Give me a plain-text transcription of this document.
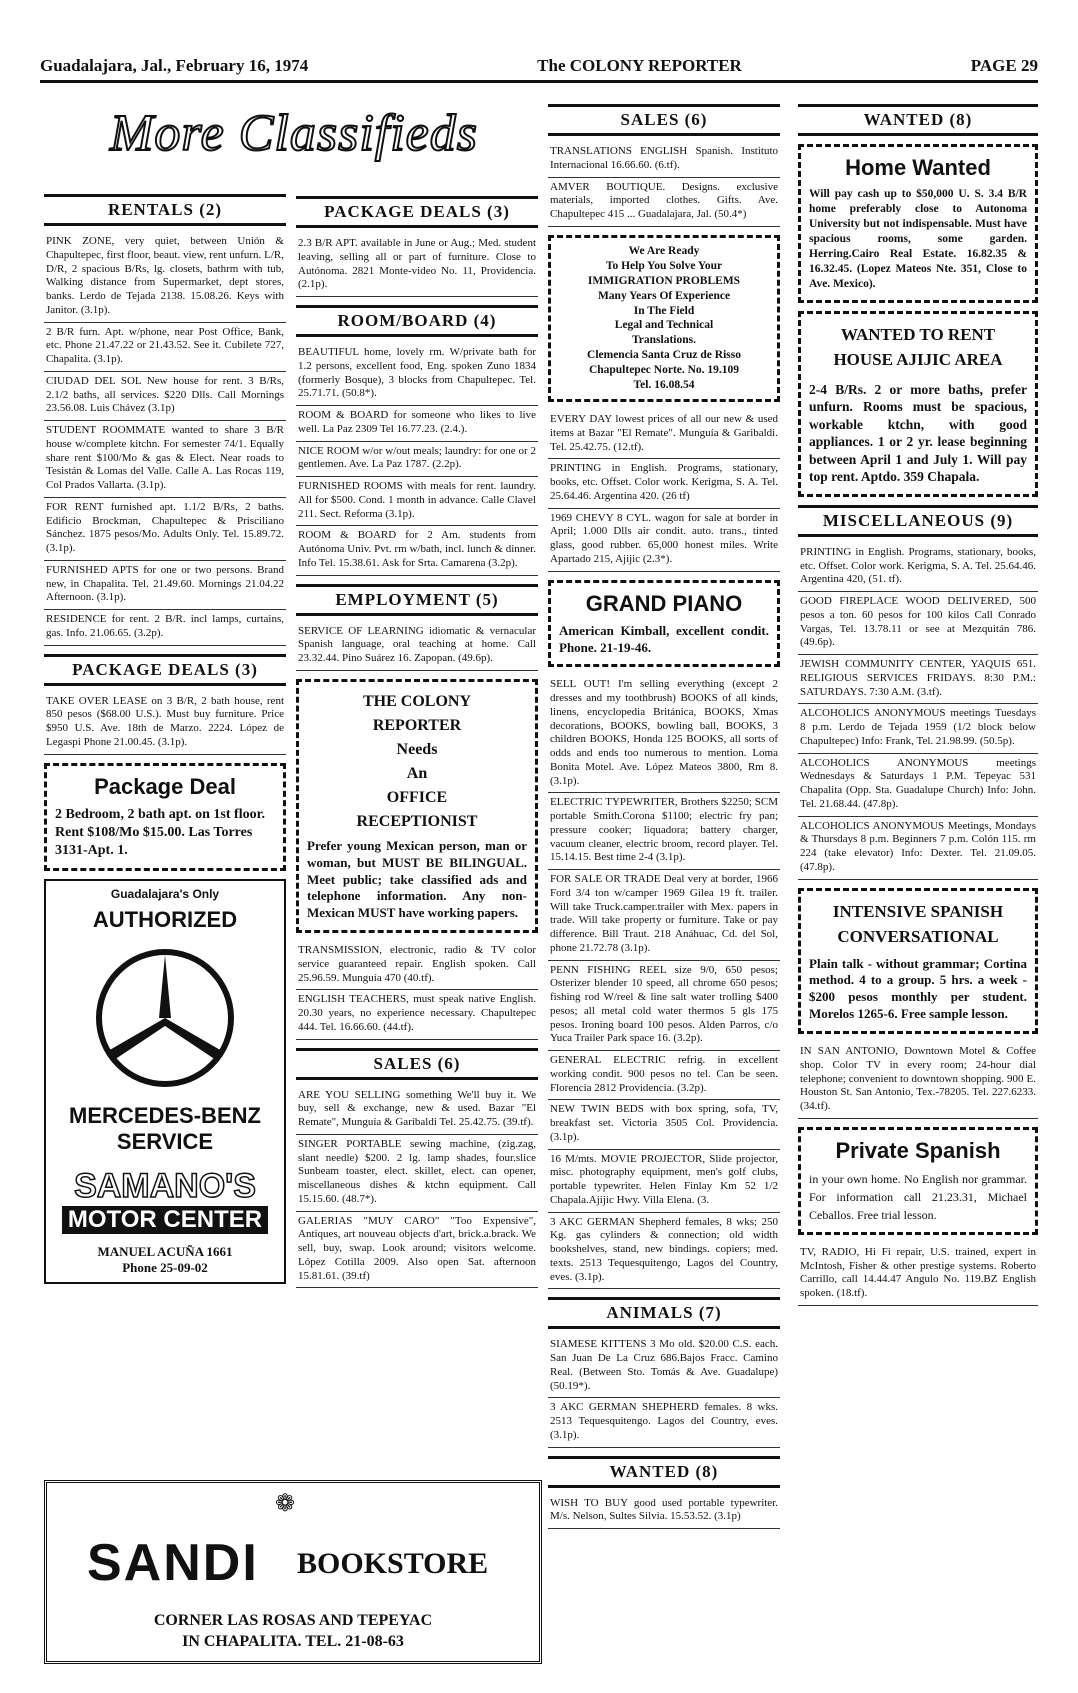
Guadalajara, Jal., February 16, 1974	The COLONY REPORTER	PAGE 29
More Classifieds
RENTALS (2)

PINK ZONE, very quiet, between Unión & Chapultepec, first floor, beaut. view, rent unfurn. L/R, D/R, 2 spacious B/Rs, lg. closets, bathrm with tub, Walking distance from Supermarket, dept stores, banks. Lerdo de Tejada 2138. 15.08.26. Keys with Janitor. (3.1p).

2 B/R furn. Apt. w/phone, near Post Office, Bank, etc. Phone 21.47.22 or 21.43.52. See it. Cubilete 727, Chapalita. (3.1p).

CIUDAD DEL SOL New house for rent. 3 B/Rs, 2.1/2 baths, all services. $220 Dlls. Call Mornings 23.56.08. Luis Chávez (3.1p)

STUDENT ROOMMATE wanted to share 3 B/R house w/complete kitchn. For semester 74/1. Equally share rent $100/Mo & gas & Elect. Near roads to Tesistán & Lomas del Valle. Calle A. Las Rocas 119, Col Prados Vallarta. (3.1p).

FOR RENT furnished apt. 1.1/2 B/Rs, 2 baths. Edificio Brockman, Chapultepec & Prisciliano Sánchez. 1875 pesos/Mo. Adults Only. Tel. 15.89.72. (3.1p).

FURNISHED APTS for one or two persons. Brand new, in Chapalita. Tel. 21.49.60. Mornings 21.04.22 Afternoon. (3.1p).

RESIDENCE for rent. 2 B/R. incl lamps, curtains, gas. Info. 21.06.65. (3.2p).

PACKAGE DEALS (3)

TAKE OVER LEASE on 3 B/R, 2 bath house, rent 850 pesos ($68.00 U.S.). Must buy furniture. Price $950 U.S. Ave. 18th de Marzo. 2224. López de Legaspi Phone 21.00.45. (3.1p).

Package Deal
2 Bedroom, 2 bath apt. on 1st floor. Rent $108/Mo $15.00. Las Torres 3131-Apt. 1.
Guadalajara's Only
AUTHORIZED
MERCEDES-BENZ
SERVICE
SAMANO'S
MOTOR CENTER
MANUEL ACUÑA 1661
Phone 25-09-02
PACKAGE DEALS (3)

2.3 B/R APT. available in June or Aug.; Med. student leaving, selling all or part of furniture. Close to Autónoma. 2821 Monte-video No. 11, Providencia. (2.1p).

ROOM/BOARD (4)

BEAUTIFUL home, lovely rm. W/private bath for 1.2 persons, excellent food, Eng. spoken Zuno 1834 (formerly Bosque), 3 blocks from Chapultepec. Tel. 25.71.71. (50.8*).

ROOM & BOARD for someone who likes to live well. La Paz 2309 Tel 16.77.23. (2.4.).

NICE ROOM w/or w/out meals; laundry: for one or 2 gentlemen. Ave. La Paz 1787. (2.2p).

FURNISHED ROOMS with meals for rent. laundry. All for $500. Cond. 1 month in advance. Calle Clavel 211. Sect. Reforma (3.1p).

ROOM & BOARD for 2 Am. students from Autónoma Univ. Pvt. rm w/bath, incl. lunch & dinner. Info Tel. 15.38.61. Ask for Srta. Camarena (3.2p).

EMPLOYMENT (5)

SERVICE OF LEARNING idiomatic & vernacular Spanish language, oral teaching at home. Call 23.32.44. Pino Suárez 16. Zapopan. (49.6p).

THE COLONY
REPORTER
Needs
An
OFFICE
RECEPTIONIST
Prefer young Mexican person, man or woman, but MUST BE BILINGUAL. Meet public; take classified ads and telephone information. Any non-Mexican MUST have working papers.

TRANSMISSION, electronic, radio & TV color service guaranteed repair. English spoken. Call 25.96.59. Munguía 470 (40.tf).

ENGLISH TEACHERS, must speak native English. 20.30 years, no experience necessary. Chapultepec 444. Tel. 16.66.60. (44.tf).

SALES (6)

ARE YOU SELLING something We'll buy it. We buy, sell & exchange, new & used. Bazar "El Remate", Munguía & Garibaldi Tel. 25.42.75. (39.tf).

SINGER PORTABLE sewing machine, (zig.zag, slant needle) $200. 2 lg. lamp shades, four.slice Sunbeam toaster, elect. skillet, elect. can opener, miscellaneous dishes & ktchn equipment. Call 15.15.60. (48.7*).

GALERIAS "MUY CARO" "Too Expensive", Antiques, art nouveau objects d'art, brick.a.brack. We sell, buy, swap. Look around; visitors welcome. López Cotilla 2009. Also open Sat. afternoon 15.81.61. (39.tf)

SALES (6)

TRANSLATIONS ENGLISH Spanish. Instituto Internacional 16.66.60. (6.tf).

AMVER BOUTIQUE. Designs. exclusive materials, imported clothes. Gifts. Ave. Chapultepec 415 ... Guadalajara, Jal. (50.4*)

We Are Ready
To Help You Solve Your
IMMIGRATION PROBLEMS
Many Years Of Experience
In The Field
Legal and Technical
Translations.
Clemencia Santa Cruz de Risso
Chapultepec Norte. No. 19.109
Tel. 16.08.54

EVERY DAY lowest prices of all our new & used items at Bazar "El Remate". Munguía & Garibaldi. Tel. 25.42.75. (12.tf).

PRINTING in English. Programs, stationary, books, etc. Offset. Color work. Kerigma, S. A. Tel. 25.64.46. Argentina 420. (26 tf)

1969 CHEVY 8 CYL. wagon for sale at border in April; 1.000 Dlls air condit. auto. trans., tinted glass, good rubber. 65,000 honest miles. Write Apartado 215, Ajijic (2.3*).

GRAND PIANO
American Kimball, excellent condit. Phone. 21-19-46.

SELL OUT! I'm selling everything (except 2 dresses and my toothbrush) BOOKS of all kinds, linens, encyclopedia Británica, BOOKS, Xmas decorations, BOOKS, bowling ball, BOOKS, 3 children BOOKS, Honda 125 BOOKS, all sorts of odds and ends too numerous to mention. Loma Bonita Motel. Ave. López Mateos 3800, Rm 8. (3.1p).

ELECTRIC TYPEWRITER, Brothers $2250; SCM portable Smith.Corona $1100; electric fry pan; pressure cooker; liquadora; battery charger, vacuum cleaner, electric broom, record player. Tel. 15.14.15. Best time 2-4 (3.1p).

FOR SALE OR TRADE Deal very at border, 1966 Ford 3/4 ton w/camper 1969 Gilea 19 ft. trailer. Will take Truck.camper.trailer with Mex. papers in trade. Will take property or furniture. Take or pay difference. Bill Traut. 218 Anáhuac, Cd. del Sol, phone 21.72.78 (3.1p).

PENN FISHING REEL size 9/0, 650 pesos; Osterizer blender 10 speed, all chrome 650 pesos; fishing rod W/reel & line salt water trolling $400 pesos; all metal cold water thermos 5 gls 175 pesos. Ironing board 100 pesos. Alden Parros, c/o Yuca Trailer Park space 16. (3.2p).

GENERAL ELECTRIC refrig. in excellent working condit. 900 pesos no tel. Can be seen. Florencia 2812 Providencia. (3.2p).

NEW TWIN BEDS with box spring, sofa, TV, breakfast set. Victoria 3505 Col. Providencia. (3.1p).

16 M/mts. MOVIE PROJECTOR, Slide projector, misc. photography equipment, men's golf clubs, portable typewriter. Helen Finlay Km 52 1/2 Chapala.Ajijic Hwy. Villa Elena. (3.

3 AKC GERMAN Shepherd females, 8 wks; 250 Kg. gas cylinders & connection; old width bookshelves, stand, new bindings. copiers; med. texts. 2513 Tequesquitengo, Lagos del Country, eves. (3.1p).

ANIMALS (7)

SIAMESE KITTENS 3 Mo old. $20.00 C.S. each. San Juan De La Cruz 686.Bajos Fracc. Camino Real. (Between Sto. Tomás & Ave. Guadalupe) (50.19*).

3 AKC GERMAN SHEPHERD females. 8 wks. 2513 Tequesquitengo. Lagos del Country, eves. (3.1p).

WANTED (8)

WISH TO BUY good used portable typewriter. M/s. Nelson, Sultes Silvia. 15.53.52. (3.1p)

WANTED (8)
Home Wanted
Will pay cash up to $50,000 U. S. 3.4 B/R home preferably close to Autonoma University but not indispensable. Must have spacious rooms, some garden. Herring.Cairo Real Estate. 16.82.35 & 16.32.45. (Lopez Mateos Nte. 351, Close to Ave. Mexico).
WANTED TO RENT
HOUSE AJIJIC AREA
2-4 B/Rs. 2 or more baths, prefer unfurn. Rooms must be spacious, workable ktchn, with good appliances. 1 or 2 yr. lease beginning between April 1 and July 1. Will pay top rent. Aptdo. 359 Chapala.
MISCELLANEOUS (9)

PRINTING in English. Programs, stationary, books, etc. Offset. Color work. Kerigma, S. A. Tel. 25.64.46. Argentina 420, (51. tf).

GOOD FIREPLACE WOOD DELIVERED, 500 pesos a ton. 60 pesos for 100 kilos Call Conrado Vargas, Tel. 13.78.11 or see at Mezquitán 786. (49.6p).

JEWISH COMMUNITY CENTER, YAQUIS 651. RELIGIOUS SERVICES FRIDAYS. 8:30 P.M.: SATURDAYS. 7:30 A.M. (3.tf).

ALCOHOLICS ANONYMOUS meetings Tuesdays 8 p.m. Lerdo de Tejada 1959 (1/2 block below Chapultepec) Info: Frank, Tel. 21.98.99. (50.5p).

ALCOHOLICS ANONYMOUS meetings Wednesdays & Saturdays 1 P.M. Tepeyac 531 Chapalita (Opp. Sta. Guadalupe Church) Info: John. Tel. 21.68.44. (47.8p).

ALCOHOLICS ANONYMOUS Meetings, Mondays & Thursdays 8 p.m. Beginners 7 p.m. Colón 115. rm 224 (take elevator) Info: Dexter. Tel. 21.09.05. (47.8p).

INTENSIVE SPANISH
CONVERSATIONAL
Plain talk - without grammar; Cortina method. 4 to a group. 5 hrs. a week - $200 pesos monthly per student. Morelos 1265-6. Free sample lesson.

IN SAN ANTONIO, Downtown Motel & Coffee shop. Color TV in every room; 24-hour dial telephone; convenient to downtown shopping. 900 E. Houston St. San Antonio, Tex.-78205. Tel. 227.6233. (34.tf).

Private Spanish
in your own home. No English nor grammar. For information call 21.23.31, Michael Ceballos. Free trial lesson.

TV, RADIO, Hi Fi repair, U.S. trained, expert in McIntosh, Fisher & other prestige systems. Roberto Carrillo, call 14.44.47 Angulo No. 119.BZ English spoken. (18.tf).

❁
SANDI BOOKSTORE
CORNER LAS ROSAS AND TEPEYAC
IN CHAPALITA. TEL. 21-08-63
